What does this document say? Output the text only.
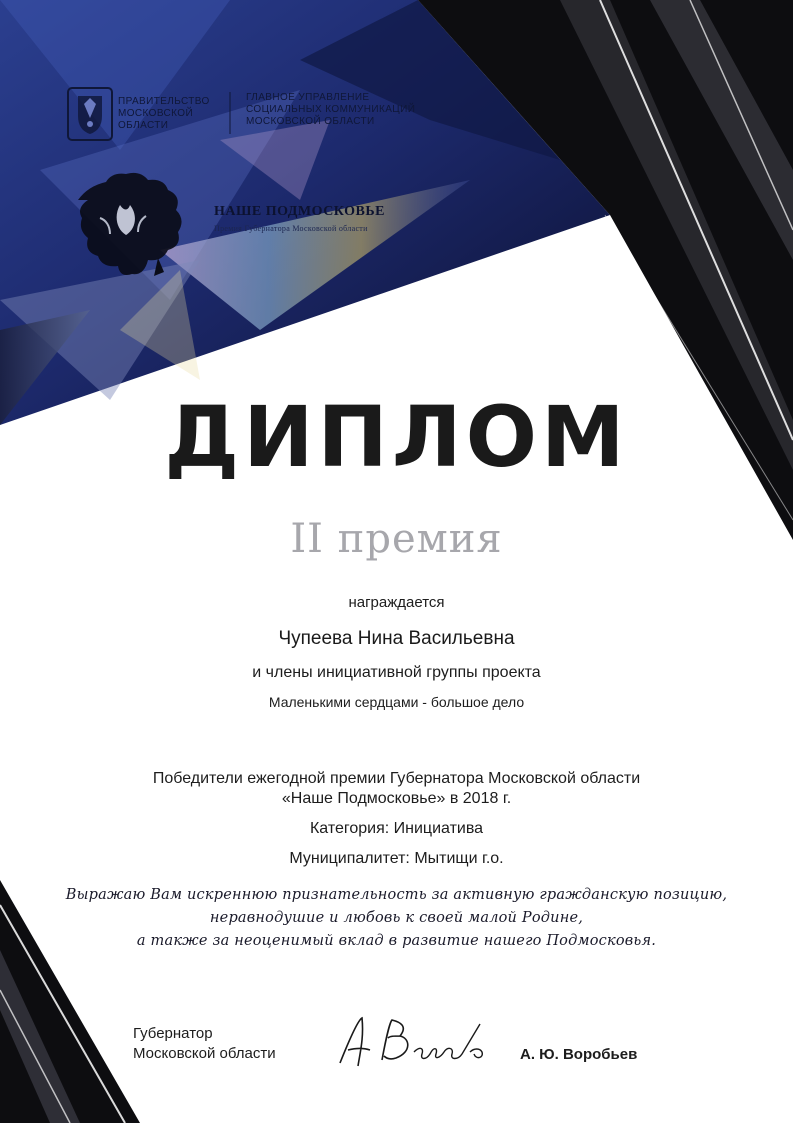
ПРАВИТЕЛЬСТВО
МОСКОВСКОЙ
ОБЛАСТИ
ГЛАВНОЕ УПРАВЛЕНИЕ
СОЦИАЛЬНЫХ КОММУНИКАЦИЙ
МОСКОВСКОЙ ОБЛАСТИ
НАШЕ ПОДМОСКОВЬЕ
Премия Губернатора Московской области
ДИПЛОМ
II премия
награждается
Чупеева Нина Васильевна
и члены инициативной группы проекта
Маленькими сердцами - большое дело
Победители ежегодной премии Губернатора Московской области
«Наше Подмосковье» в 2018 г.
Категория: Инициатива
Муниципалитет: Мытищи г.о.
Выражаю Вам искреннюю признательность за активную гражданскую позицию,
неравнодушие и любовь к своей малой Родине,
а также за неоценимый вклад в развитие нашего Подмосковья.
Губернатор
Московской области	А. Ю. Воробьев
